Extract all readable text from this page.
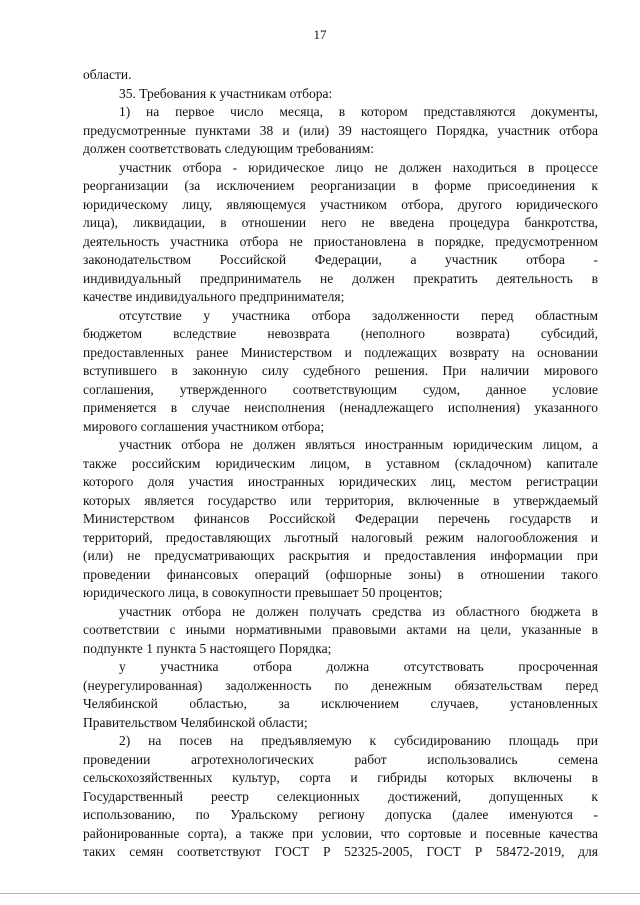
17
области.
35. Требования к участникам отбора:
1) на первое число месяца, в котором представляются документы,
предусмотренные пунктами 38 и (или) 39 настоящего Порядка, участник отбора
должен соответствовать следующим требованиям:
участник отбора - юридическое лицо не должен находиться в процессе
реорганизации (за исключением реорганизации в форме присоединения к
юридическому лицу, являющемуся участником отбора, другого юридического
лица), ликвидации, в отношении него не введена процедура банкротства,
деятельность участника отбора не приостановлена в порядке, предусмотренном
законодательством Российской Федерации, а участник отбора -
индивидуальный предприниматель не должен прекратить деятельность в
качестве индивидуального предпринимателя;
отсутствие у участника отбора задолженности перед областным
бюджетом вследствие невозврата (неполного возврата) субсидий,
предоставленных ранее Министерством и подлежащих возврату на основании
вступившего в законную силу судебного решения. При наличии мирового
соглашения, утвержденного соответствующим судом, данное условие
применяется в случае неисполнения (ненадлежащего исполнения) указанного
мирового соглашения участником отбора;
участник отбора не должен являться иностранным юридическим лицом, а
также российским юридическим лицом, в уставном (складочном) капитале
которого доля участия иностранных юридических лиц, местом регистрации
которых является государство или территория, включенные в утверждаемый
Министерством финансов Российской Федерации перечень государств и
территорий, предоставляющих льготный налоговый режим налогообложения и
(или) не предусматривающих раскрытия и предоставления информации при
проведении финансовых операций (офшорные зоны) в отношении такого
юридического лица, в совокупности превышает 50 процентов;
участник отбора не должен получать средства из областного бюджета в
соответствии с иными нормативными правовыми актами на цели, указанные в
подпункте 1 пункта 5 настоящего Порядка;
у участника отбора должна отсутствовать просроченная
(неурегулированная) задолженность по денежным обязательствам перед
Челябинской областью, за исключением случаев, установленных
Правительством Челябинской области;
2) на посев на предъявляемую к субсидированию площадь при
проведении агротехнологических работ использовались семена
сельскохозяйственных культур, сорта и гибриды которых включены в
Государственный реестр селекционных достижений, допущенных к
использованию, по Уральскому региону допуска (далее именуются -
районированные сорта), а также при условии, что сортовые и посевные качества
таких семян соответствуют ГОСТ Р 52325-2005, ГОСТ Р 58472-2019, для
